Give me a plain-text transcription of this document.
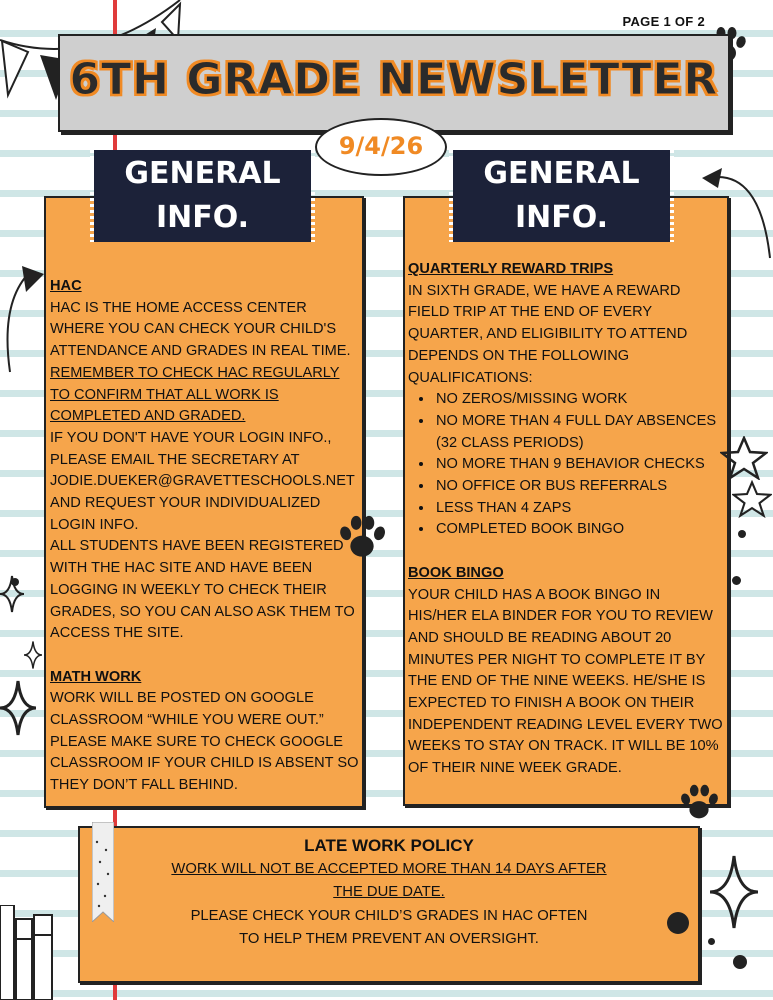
PAGE 1 OF 2
6TH GRADE NEWSLETTER
9/4/26
GENERAL
INFO.
HAC
HAC IS THE HOME ACCESS CENTER
WHERE YOU CAN CHECK YOUR CHILD'S
ATTENDANCE AND GRADES IN REAL TIME.
REMEMBER TO CHECK HAC REGULARLY
TO CONFIRM THAT ALL WORK IS
COMPLETED AND GRADED.
IF YOU DON'T HAVE YOUR LOGIN INFO.,
PLEASE EMAIL THE SECRETARY AT
JODIE.DUEKER@GRAVETTESCHOOLS.NET
AND REQUEST YOUR INDIVIDUALIZED
LOGIN INFO.
ALL STUDENTS HAVE BEEN REGISTERED
WITH THE HAC SITE AND HAVE BEEN
LOGGING IN WEEKLY TO CHECK THEIR
GRADES, SO YOU CAN ALSO ASK THEM TO
ACCESS THE SITE.
MATH WORK
WORK WILL BE POSTED ON GOOGLE
CLASSROOM “WHILE YOU WERE OUT.”
PLEASE MAKE SURE TO CHECK GOOGLE
CLASSROOM IF YOUR CHILD IS ABSENT SO
THEY DON’T FALL BEHIND.
GENERAL
INFO.
QUARTERLY REWARD TRIPS
IN SIXTH GRADE, WE HAVE A REWARD
FIELD TRIP AT THE END OF EVERY
QUARTER, AND ELIGIBILITY TO ATTEND
DEPENDS ON THE FOLLOWING
QUALIFICATIONS:
• NO ZEROS/MISSING WORK
• NO MORE THAN 4 FULL DAY ABSENCES (32 CLASS PERIODS)
• NO MORE THAN 9 BEHAVIOR CHECKS
• NO OFFICE OR BUS REFERRALS
• LESS THAN 4 ZAPS
• COMPLETED BOOK BINGO
BOOK BINGO
YOUR CHILD HAS A BOOK BINGO IN
HIS/HER ELA BINDER FOR YOU TO REVIEW
AND SHOULD BE READING ABOUT 20
MINUTES PER NIGHT TO COMPLETE IT BY
THE END OF THE NINE WEEKS. HE/SHE IS
EXPECTED TO FINISH A BOOK ON THEIR
INDEPENDENT READING LEVEL EVERY TWO
WEEKS TO STAY ON TRACK. IT WILL BE 10%
OF THEIR NINE WEEK GRADE.
LATE WORK POLICY
WORK WILL NOT BE ACCEPTED MORE THAN 14 DAYS AFTER
THE DUE DATE.
PLEASE CHECK YOUR CHILD’S GRADES IN HAC OFTEN
TO HELP THEM PREVENT AN OVERSIGHT.
